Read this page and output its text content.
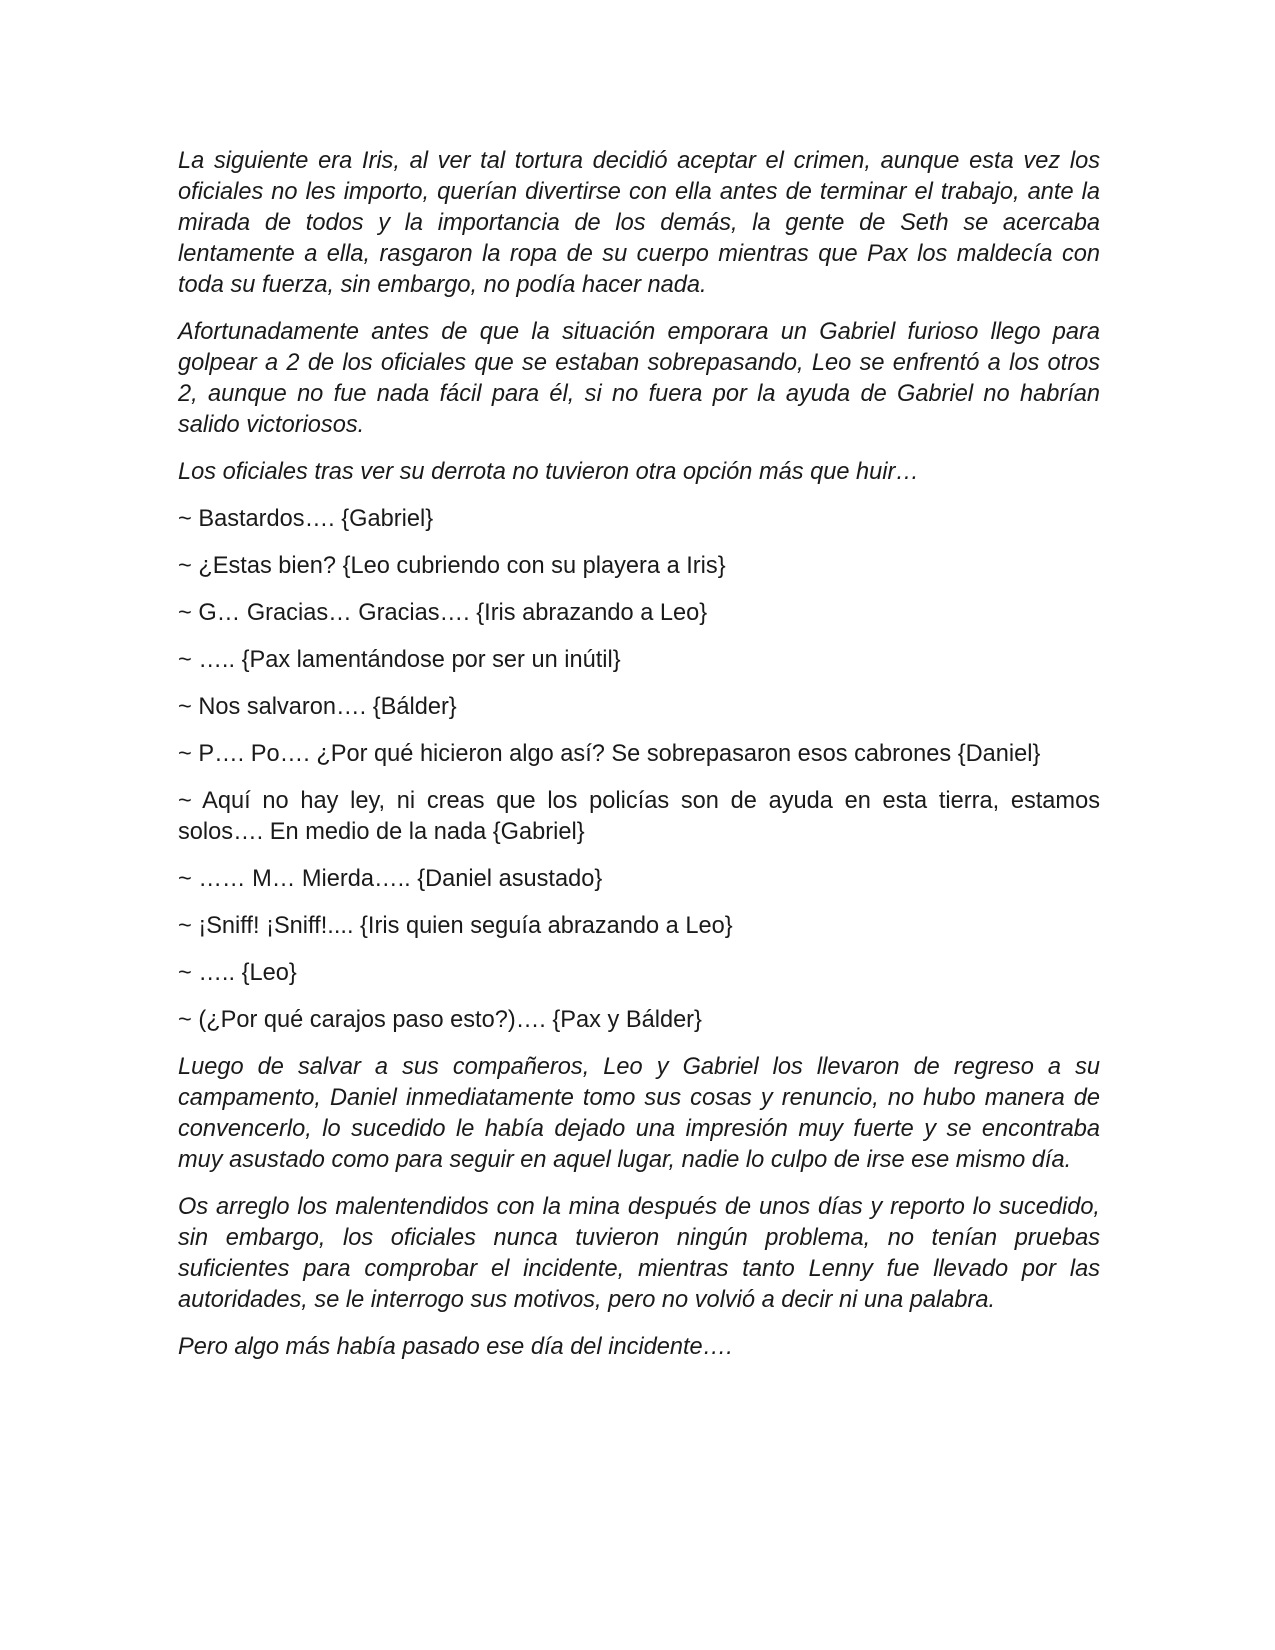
La siguiente era Iris, al ver tal tortura decidió aceptar el crimen, aunque esta vez los oficiales no les importo, querían divertirse con ella antes de terminar el trabajo, ante la mirada de todos y la importancia de los demás, la gente de Seth se acercaba lentamente a ella, rasgaron la ropa de su cuerpo mientras que Pax los maldecía con toda su fuerza, sin embargo, no podía hacer nada.

Afortunadamente antes de que la situación emporara un Gabriel furioso llego para golpear a 2 de los oficiales que se estaban sobrepasando, Leo se enfrentó a los otros 2, aunque no fue nada fácil para él, si no fuera por la ayuda de Gabriel no habrían salido victoriosos.

Los oficiales tras ver su derrota no tuvieron otra opción más que huir…

~ Bastardos…. {Gabriel}

~ ¿Estas bien? {Leo cubriendo con su playera a Iris}

~ G… Gracias… Gracias…. {Iris abrazando a Leo}

~ ….. {Pax lamentándose por ser un inútil}

~ Nos salvaron…. {Bálder}

~ P…. Po…. ¿Por qué hicieron algo así? Se sobrepasaron esos cabrones {Daniel}

~ Aquí no hay ley, ni creas que los policías son de ayuda en esta tierra, estamos solos…. En medio de la nada {Gabriel}

~ …… M… Mierda….. {Daniel asustado}

~ ¡Sniff! ¡Sniff!.... {Iris quien seguía abrazando a Leo}

~ ….. {Leo}

~ (¿Por qué carajos paso esto?)…. {Pax y Bálder}

Luego de salvar a sus compañeros, Leo y Gabriel los llevaron de regreso a su campamento, Daniel inmediatamente tomo sus cosas y renuncio, no hubo manera de convencerlo, lo sucedido le había dejado una impresión muy fuerte y se encontraba muy asustado como para seguir en aquel lugar, nadie lo culpo de irse ese mismo día.

Os arreglo los malentendidos con la mina después de unos días y reporto lo sucedido, sin embargo, los oficiales nunca tuvieron ningún problema, no tenían pruebas suficientes para comprobar el incidente, mientras tanto Lenny fue llevado por las autoridades, se le interrogo sus motivos, pero no volvió a decir ni una palabra.

Pero algo más había pasado ese día del incidente….
